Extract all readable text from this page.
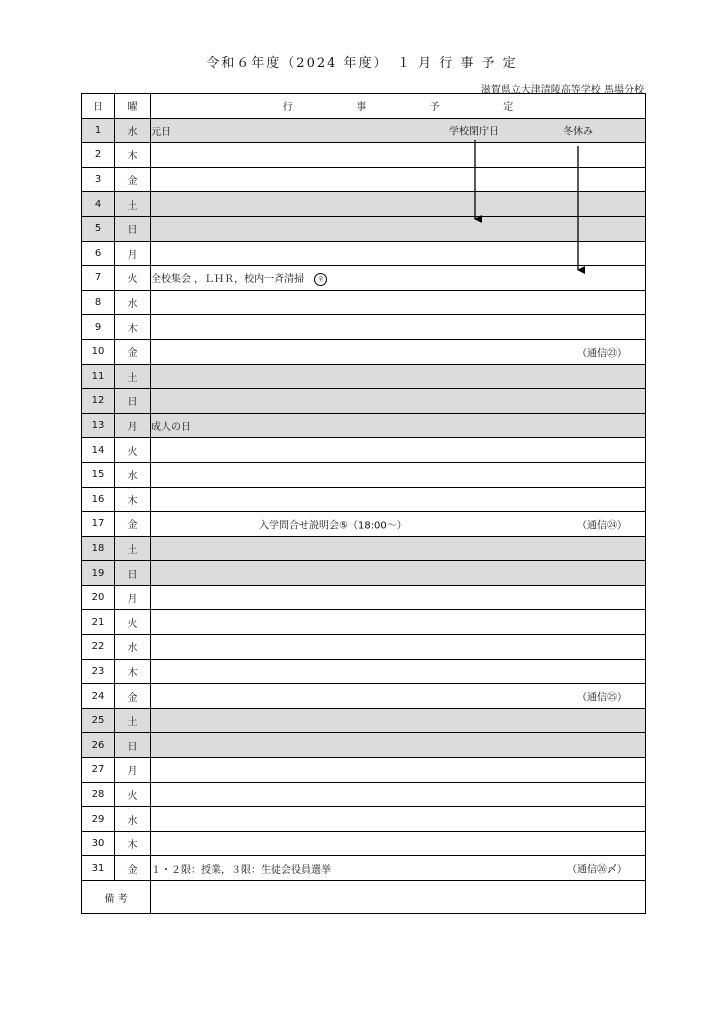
令和６年度（2024 年度）　１ 月 行 事 予 定
滋賀県立大津清陵高等学校 馬場分校
日	曜	行 事 予 定

1	水	元日 学校閉庁日 冬休み

2	木	
3	金	
4	土	
5	日	
6	月	
7	火	全校集会 ，ＬＨＲ，校内一斉清掃 全
8	水	
9	木	
10	金	（通信㉓）

11	土	
12	日	
13	月	成人の日
14	火	
15	水	
16	木	
17	金	入学問合せ説明会⑤（18:00～） （通信㉔）

18	土	
19	日	
20	月	
21	火	
22	水	
23	木	
24	金	（通信㉕）

25	土	
26	日	
27	月	
28	火	
29	水	
30	木	
31	金	１・２限：授業，３限：生徒会役員選挙 （通信㉖〆）

備 考		
